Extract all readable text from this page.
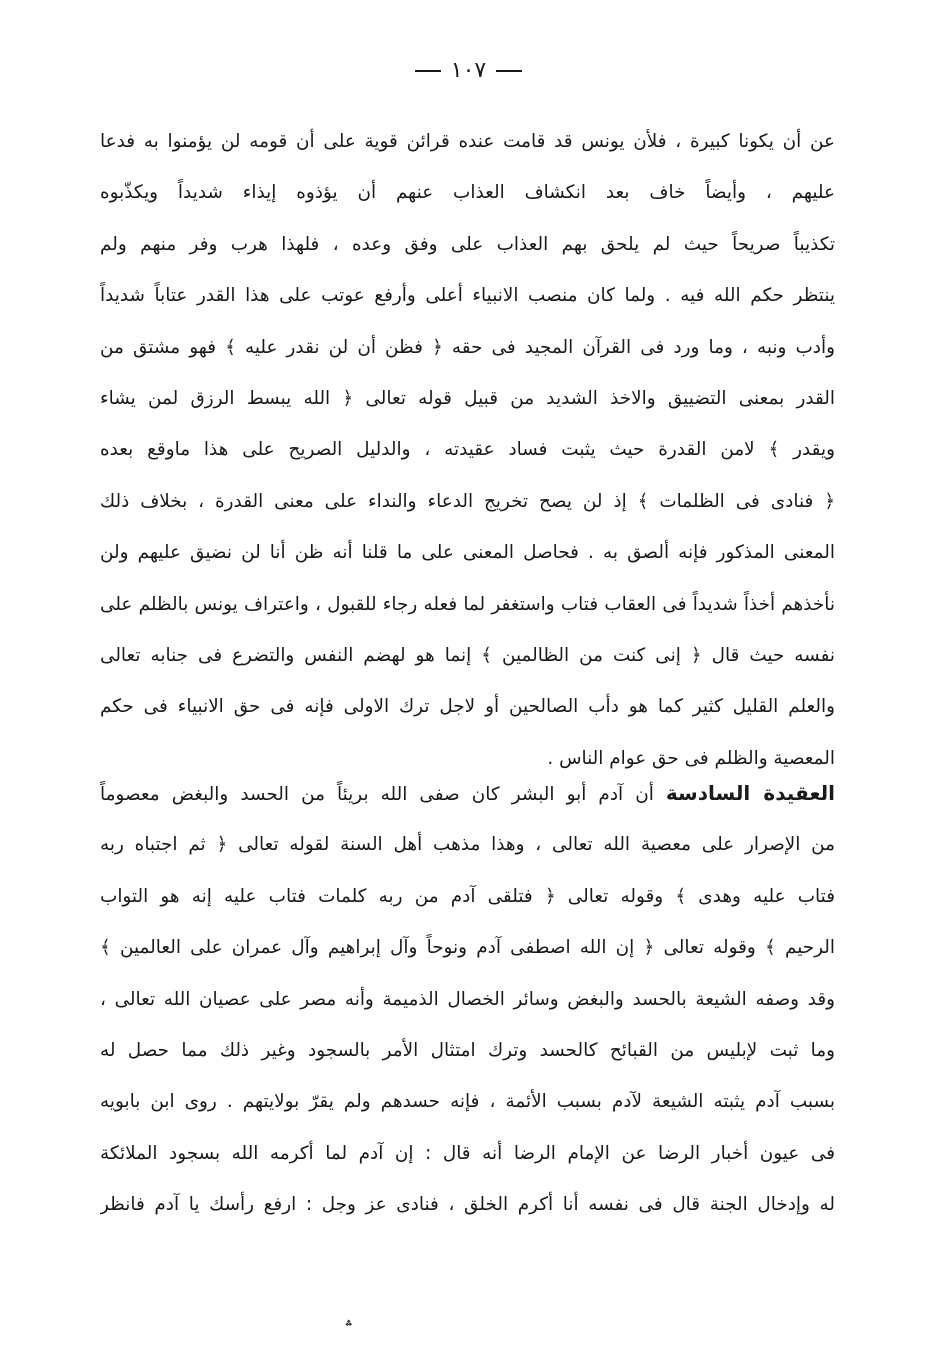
١٠٧
عن أن يكونا كبيرة ، فلأن يونس قد قامت عنده قرائن قوية على أن قومه لن يؤمنوا به فدعا
عليهم ، وأيضاً خاف بعد انكشاف العذاب عنهم أن يؤذوه إيذاء شديداً ويكذّبوه
تكذيباً صريحاً حيث لم يلحق بهم العذاب على وفق وعده ، فلهذا هرب وفر منهم ولم
ينتظر حكم الله فيه . ولما كان منصب الانبياء أعلى وأرفع عوتب على هذا القدر عتاباً شديداً
وأدب ونبه ، وما ورد فى القرآن المجيد فى حقه ﴿ فظن أن لن نقدر عليه ﴾ فهو مشتق من
القدر بمعنى التضييق والاخذ الشديد من قبيل قوله تعالى ﴿ الله يبسط الرزق لمن يشاء
ويقدر ﴾ لامن القدرة حيث يثبت فساد عقيدته ، والدليل الصريح على هذا ماوقع بعده
﴿ فنادى فى الظلمات ﴾ إذ لن يصح تخريج الدعاء والنداء على معنى القدرة ، بخلاف ذلك
المعنى المذكور فإنه ألصق به . فحاصل المعنى على ما قلنا أنه ظن أنا لن نضيق عليهم ولن
نأخذهم أخذاً شديداً فى العقاب فتاب واستغفر لما فعله رجاء للقبول ، واعتراف يونس بالظلم على
نفسه حيث قال ﴿ إنى كنت من الظالمين ﴾ إنما هو لهضم النفس والتضرع فى جنابه تعالى
والعلم القليل كثير كما هو دأب الصالحين أو لاجل ترك الاولى فإنه فى حق الانبياء فى حكم
المعصية والظلم فى حق عوام الناس .
العقيدة السادسة أن آدم أبو البشر كان صفى الله بريئاً من الحسد والبغض معصوماً
من الإصرار على معصية الله تعالى ، وهذا مذهب أهل السنة لقوله تعالى ﴿ ثم اجتباه ربه
فتاب عليه وهدى ﴾ وقوله تعالى ﴿ فتلقى آدم من ربه كلمات فتاب عليه إنه هو التواب
الرحيم ﴾ وقوله تعالى ﴿ إن الله اصطفى آدم ونوحاً وآل إبراهيم وآل عمران على العالمين ﴾
وقد وصفه الشيعة بالحسد والبغض وسائر الخصال الذميمة وأنه مصر على عصيان الله تعالى ،
وما ثبت لإبليس من القبائح كالحسد وترك امتثال الأمر بالسجود وغير ذلك مما حصل له
بسبب آدم يثبته الشيعة لآدم بسبب الأئمة ، فإنه حسدهم ولم يقرّ بولايتهم . روى ابن بابويه
فى عيون أخبار الرضا عن الإمام الرضا أنه قال : إن آدم لما أكرمه الله بسجود الملائكة
له وإدخال الجنة قال فى نفسه أنا أكرم الخلق ، فنادى عز وجل : ارفع رأسك يا آدم فانظر
؞
